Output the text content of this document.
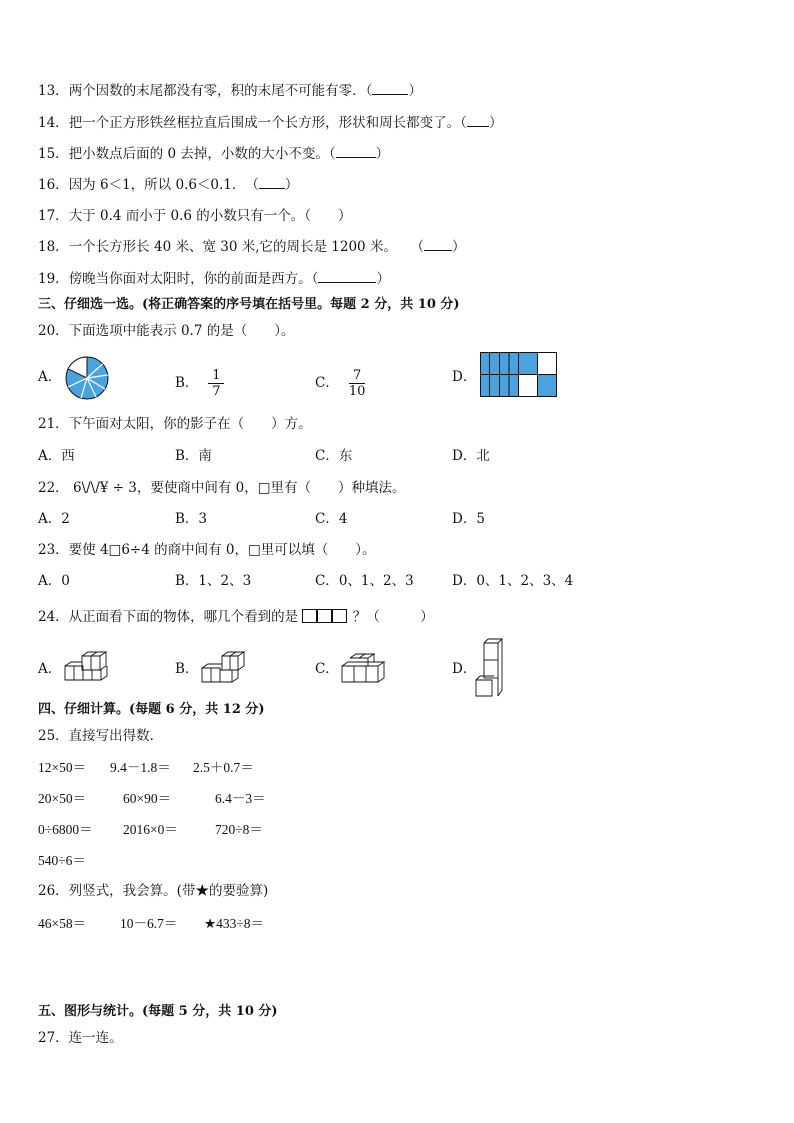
13．两个因数的末尾都没有零，积的末尾不可能有零．（	）
14．把一个正方形铁丝框拉直后围成一个长方形，形状和周长都变了。（ ）
15．把小数点后面的 0 去掉，小数的大小不变。（	）
16．因为 6＜1，所以 0.6＜0.1．　（ ）
17．大于 0.4 而小于 0.6 的小数只有一个。（　　）
18．一个长方形长 40 米、宽 30 米,它的周长是 1200 米。　　（ ）
19．傍晚当你面对太阳时，你的前面是西方。（	）
三、仔细选一选。(将正确答案的序号填在括号里。每题 2 分，共 10 分)
20．下面选项中能表示 0.7 的是（　　）。
A．	B． $\frac{1}{7}$	C． $\frac{7}{10}$	D．
21．下午面对太阳，你的影子在（　　）方。
A．西	B．南	C．东	D．北
22． 6\/\/¥ ÷ 3，要使商中间有 0，□里有（　　）种填法。
A．2	B．3	C．4	D．5
23．要使 4□6÷4 的商中间有 0，□里可以填（　　）。
A．0	B．1、2、3	C．0、1、2、3	D．0、1、2、3、4
24．从正面看下面的物体，哪几个看到的是	？（　　　）
A．	B．	C．	D．
四、仔细计算。(每题 6 分，共 12 分)
25．直接写出得数．
12×50＝ 9.4－1.8＝ 2.5＋0.7＝
20×50＝	60×90＝	6.4－3＝
0÷6800＝ 2016×0＝	720÷8＝
540÷6＝
26．列竖式，我会算。(带★的要验算)
46×58＝	10－6.7＝ ★433÷8＝
五、图形与统计。(每题 5 分，共 10 分)
27．连一连。
